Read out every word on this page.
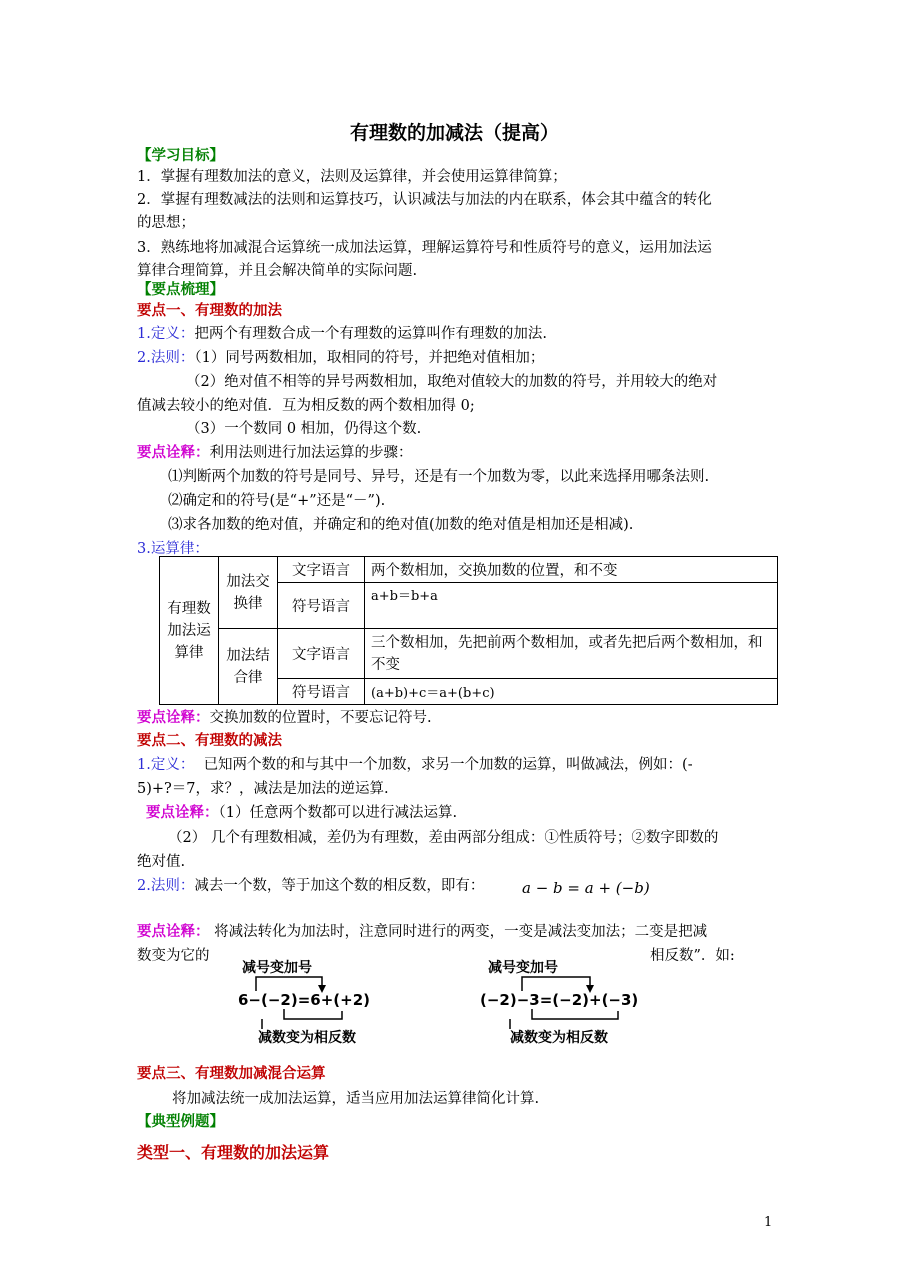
有理数的加减法（提高）
【学习目标】
1．掌握有理数加法的意义，法则及运算律，并会使用运算律简算；
2．掌握有理数减法的法则和运算技巧，认识减法与加法的内在联系，体会其中蕴含的转化
的思想；
3．熟练地将加减混合运算统一成加法运算，理解运算符号和性质符号的意义，运用加法运
算律合理简算，并且会解决简单的实际问题.
【要点梳理】
要点一、有理数的加法
1.定义：把两个有理数合成一个有理数的运算叫作有理数的加法.
2.法则：（1）同号两数相加，取相同的符号，并把绝对值相加；
（2）绝对值不相等的异号两数相加，取绝对值较大的加数的符号，并用较大的绝对
值减去较小的绝对值．互为相反数的两个数相加得 0;
（3）一个数同 0 相加，仍得这个数.
要点诠释：利用法则进行加法运算的步骤：
⑴判断两个加数的符号是同号、异号，还是有一个加数为零，以此来选择用哪条法则.
⑵确定和的符号(是“+”还是“－”).
⑶求各加数的绝对值，并确定和的绝对值(加数的绝对值是相加还是相减).
3.运算律：
有理数加法运算律	加法交换律	文字语言	两个数相加，交换加数的位置，和不变
		符号语言	a+b＝b+a
	加法结合律	文字语言	三个数相加，先把前两个数相加，或者先把后两个数相加，和不变
		符号语言	(a+b)+c＝a+(b+c)
要点诠释：交换加数的位置时，不要忘记符号.
要点二、有理数的减法
1.定义： 已知两个数的和与其中一个加数，求另一个加数的运算，叫做减法，例如：(-
5)+?＝7，求？，减法是加法的逆运算.
要点诠释：（1）任意两个数都可以进行减法运算.
（2） 几个有理数相减，差仍为有理数，差由两部分组成：①性质符号；②数字即数的
绝对值.
2.法则：减去一个数，等于加这个数的相反数，即有：	a − b = a + (−b)
要点诠释： 将减法转化为加法时，注意同时进行的两变，一变是减法变加法；二变是把减
数变为它的	相反数”．如:
减号变加号
6−(−2)=6+(+2)
减数变为相反数
减号变加号
(−2)−3=(−2)+(−3)
减数变为相反数
要点三、有理数加减混合运算
将加减法统一成加法运算，适当应用加法运算律简化计算.
【典型例题】
类型一、有理数的加法运算
1
